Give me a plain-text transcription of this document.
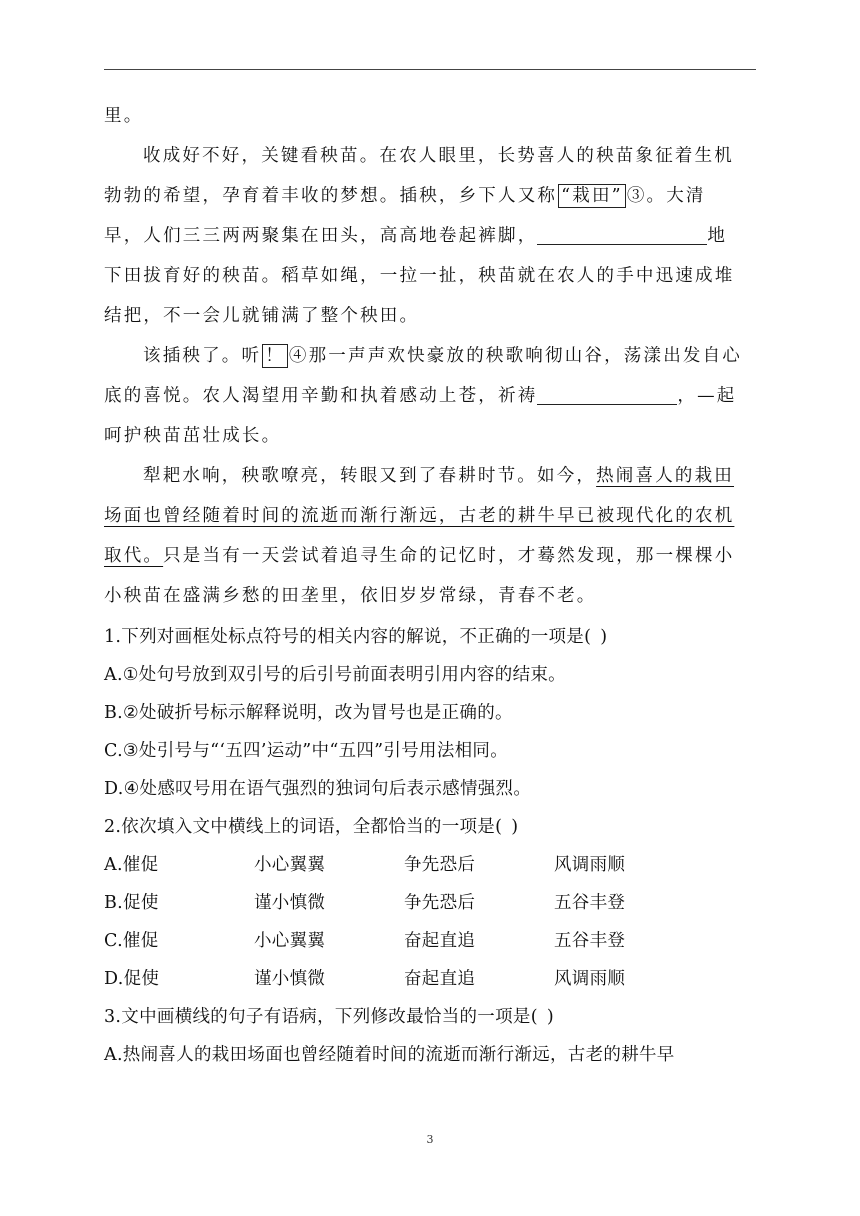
里。
收成好不好，关键看秧苗。在农人眼里，长势喜人的秧苗象征着生机
勃勃的希望，孕育着丰收的梦想。插秧，乡下人又称 “栽田” ③。大清
早，人们三三两两聚集在田头，高高地卷起裤脚，	地
下田拔育好的秧苗。稻草如绳，一拉一扯，秧苗就在农人的手中迅速成堆
结把，不一会儿就铺满了整个秧田。
该插秧了。听 ！ ④那一声声欢快豪放的秧歌响彻山谷，荡漾出发自心
底的喜悦。农人渴望用辛勤和执着感动上苍，祈祷	，—起
呵护秧苗茁壮成长。
犁耙水响，秧歌嘹亮，转眼又到了春耕时节。如今，热闹喜人的栽田
场面也曾经随着时间的流逝而渐行渐远，古老的耕牛早已被现代化的农机
取代。只是当有一天尝试着追寻生命的记忆时，才蓦然发现，那一棵棵小
小秧苗在盛满乡愁的田垄里，依旧岁岁常绿，青春不老。
1.下列对画框处标点符号的相关内容的解说，不正确的一项是( )
A.①处句号放到双引号的后引号前面表明引用内容的结束。
B.②处破折号标示解释说明，改为冒号也是正确的。
C.③处引号与“‘五四’运动”中“五四”引号用法相同。
D.④处感叹号用在语气强烈的独词句后表示感情强烈。
2.依次填入文中横线上的词语，全都恰当的一项是( )
A.催促	小心翼翼	争先恐后	风调雨顺
B.促使	谨小慎微	争先恐后	五谷丰登
C.催促	小心翼翼	奋起直追	五谷丰登
D.促使	谨小慎微	奋起直追	风调雨顺
3.文中画横线的句子有语病，下列修改最恰当的一项是( )
A.热闹喜人的栽田场面也曾经随着时间的流逝而渐行渐远，古老的耕牛早
3
